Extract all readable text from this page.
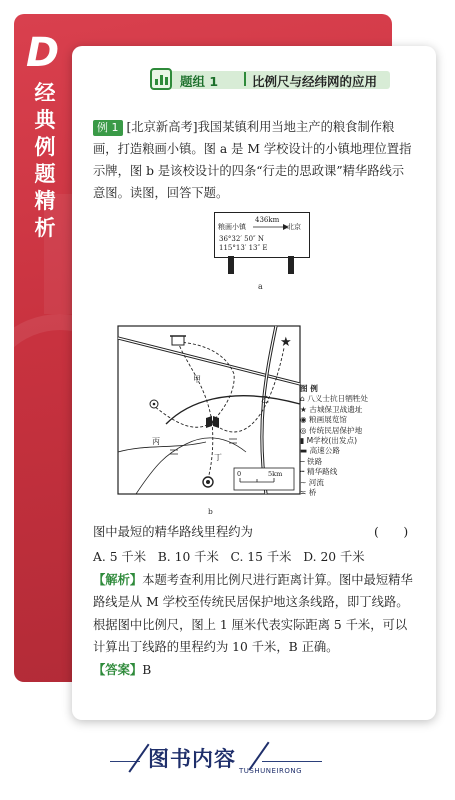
D
经
典
例
题
精
析
题组 1	比例尺与经纬网的应用
例 1 [北京新高考]我国某镇利用当地主产的粮食制作粮画，打造粮画小镇。图 a 是 M 学校设计的小镇地理位置指示牌，图 b 是该校设计的四条“行走的思政课”精华路线示意图。读图，回答下题。
粮画小镇
436km
北京
36°32′ 50″ N
115°13′ 13″ E
a
★
甲
乙
丙
丁
0	5km
b
图 例
⌂ 八义士抗日牺牲处
★ 古城保卫战遗址
◉ 粮画展览馆
◎ 传统民居保护地
▮ M学校(出发点)
▬ 高速公路
─ 铁路
┅ 精华路线
∼ 河流
≍ 桥
图中最短的精华路线里程约为	(　　)
A. 5 千米 B. 10 千米 C. 15 千米 D. 20 千米
【解析】本题考查利用比例尺进行距离计算。图中最短精华路线是从 M 学校至传统民居保护地这条线路，即丁线路。根据图中比例尺，图上 1 厘米代表实际距离 5 千米，可以计算出丁线路的里程约为 10 千米，B 正确。
【答案】B
图书内容 TUSHUNEIRONG
